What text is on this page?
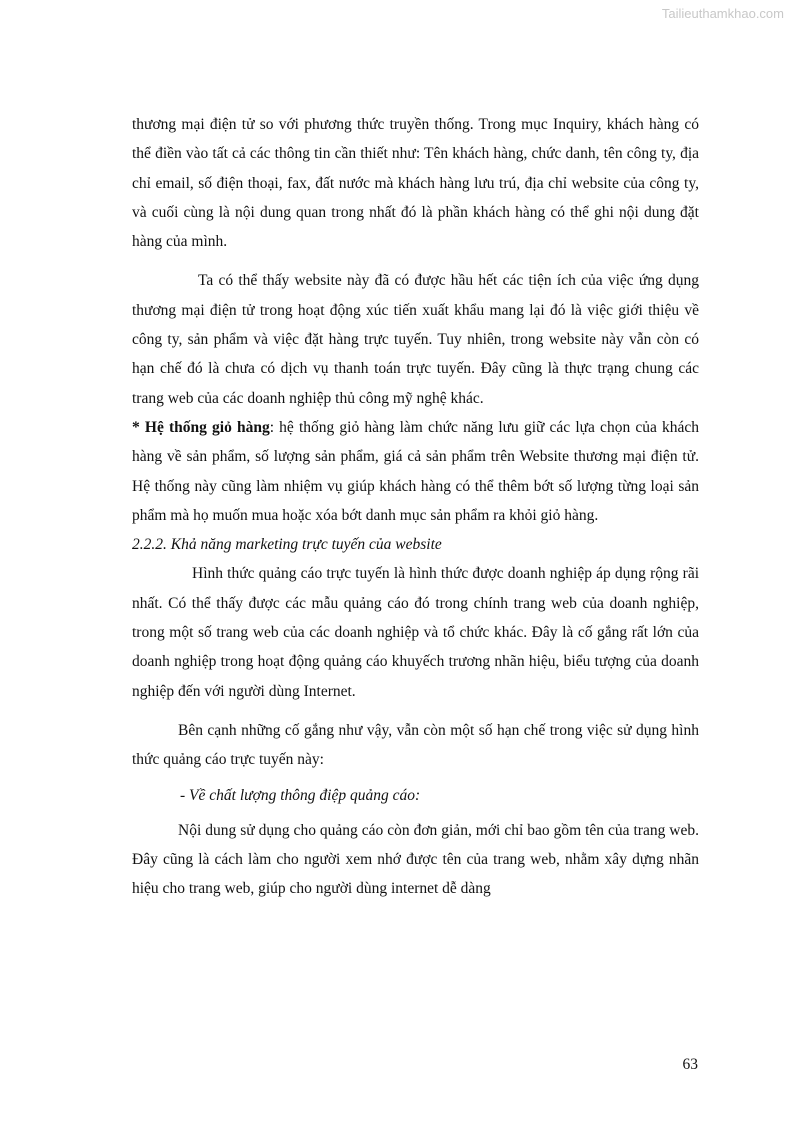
Tailieuthamkhao.com

thương mại điện tử so với phương thức truyền thống. Trong mục Inquiry, khách hàng có thể điền vào tất cả các thông tin cần thiết như: Tên khách hàng, chức danh, tên công ty, địa chỉ email, số điện thoại, fax, đất nước mà khách hàng lưu trú, địa chỉ website của công ty, và cuối cùng là nội dung quan trong nhất đó là phần khách hàng có thể ghi nội dung đặt hàng của mình.

Ta có thể thấy website này đã có được hầu hết các tiện ích của việc ứng dụng thương mại điện tử trong hoạt động xúc tiến xuất khẩu mang lại đó là việc giới thiệu về công ty, sản phẩm và việc đặt hàng trực tuyến. Tuy nhiên, trong website này vẫn còn có hạn chế đó là chưa có dịch vụ thanh toán trực tuyến. Đây cũng là thực trạng chung các trang web của các doanh nghiệp thủ công mỹ nghệ khác.

* Hệ thống giỏ hàng: hệ thống giỏ hàng làm chức năng lưu giữ các lựa chọn của khách hàng về sản phẩm, số lượng sản phẩm, giá cả sản phẩm trên Website thương mại điện tử. Hệ thống này cũng làm nhiệm vụ giúp khách hàng có thể thêm bớt số lượng từng loại sản phẩm mà họ muốn mua hoặc xóa bớt danh mục sản phẩm ra khỏi giỏ hàng.

2.2.2. Khả năng marketing trực tuyến của website

Hình thức quảng cáo trực tuyến là hình thức được doanh nghiệp áp dụng rộng rãi nhất. Có thể thấy được các mẫu quảng cáo đó trong chính trang web của doanh nghiệp, trong một số trang web của các doanh nghiệp và tổ chức khác. Đây là cố gắng rất lớn của doanh nghiệp trong hoạt động quảng cáo khuyếch trương nhãn hiệu, biểu tượng của doanh nghiệp đến với người dùng Internet.

Bên cạnh những cố gắng như vậy, vẫn còn một số hạn chế trong việc sử dụng hình thức quảng cáo trực tuyến này:

- Về chất lượng thông điệp quảng cáo:

Nội dung sử dụng cho quảng cáo còn đơn giản, mới chỉ bao gồm tên của trang web. Đây cũng là cách làm cho người xem nhớ được tên của trang web, nhằm xây dựng nhãn hiệu cho trang web, giúp cho người dùng internet dễ dàng

63
